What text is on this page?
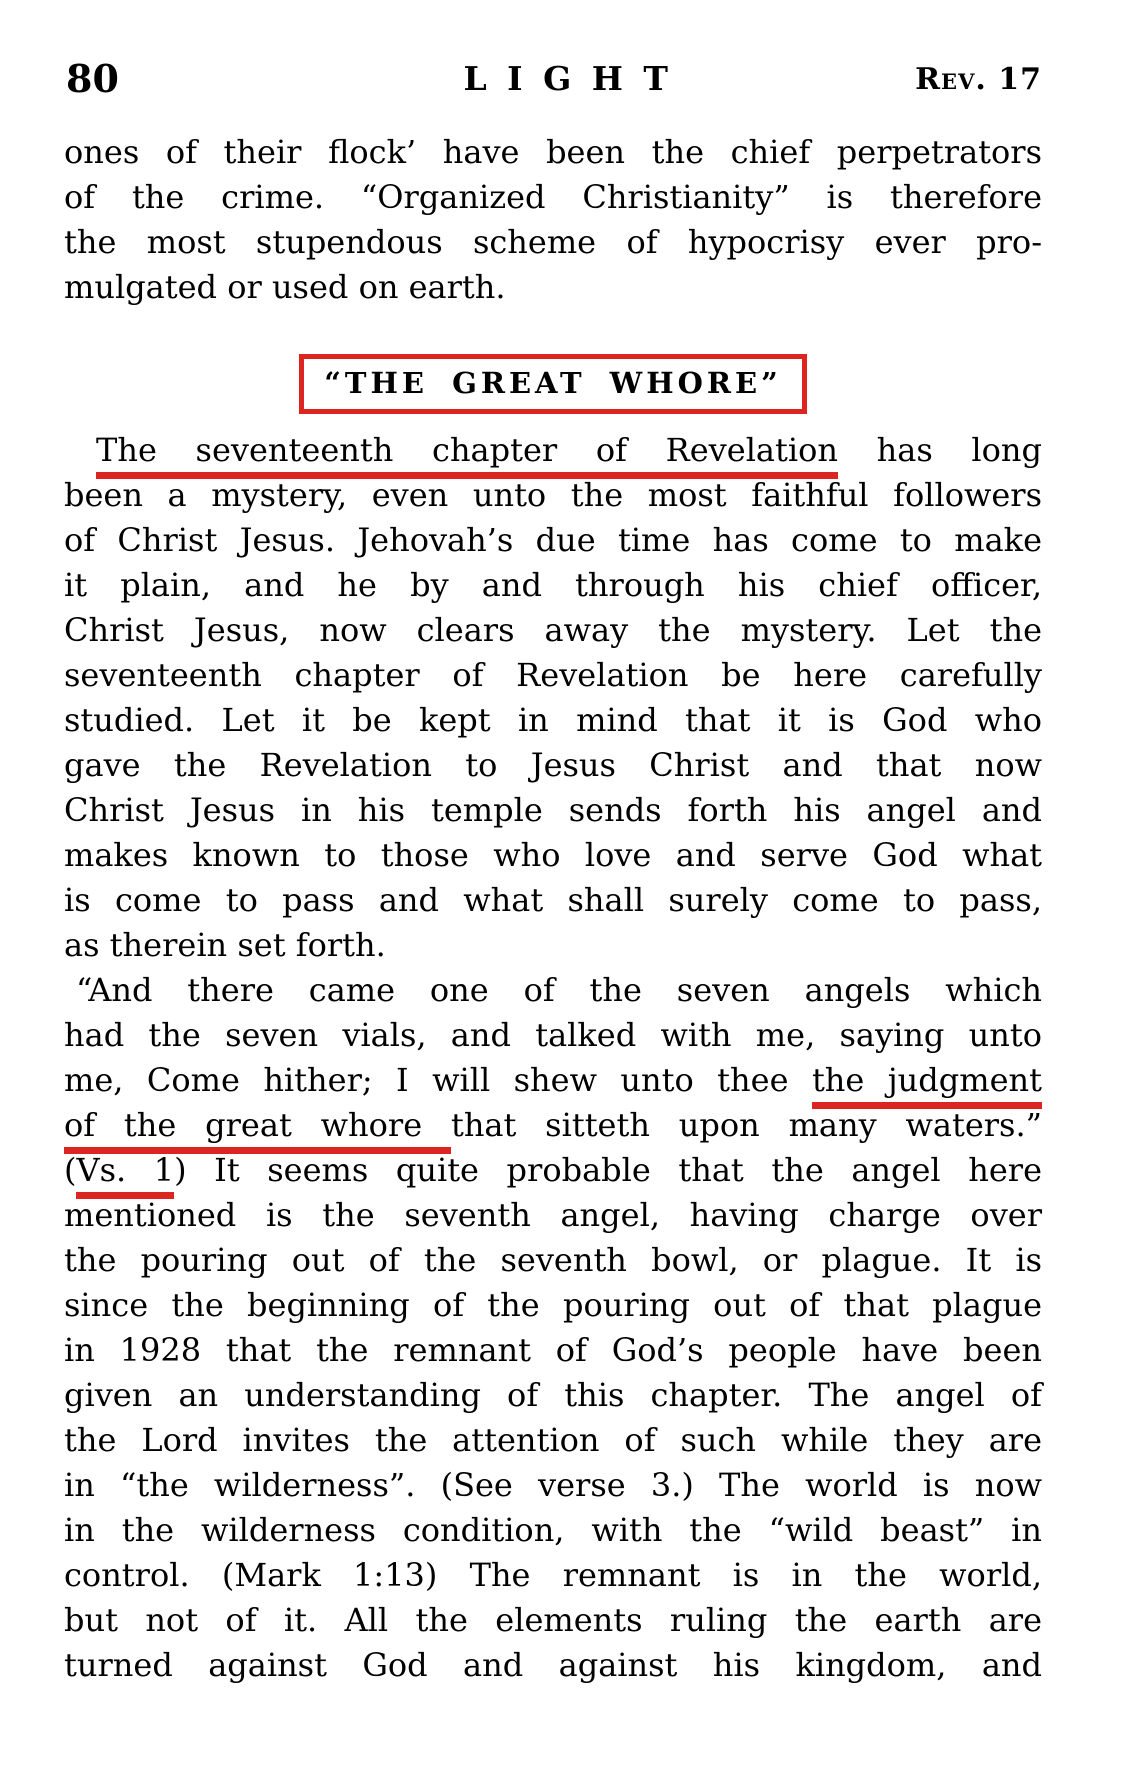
80	LIGHT	Rev. 17
ones of their flock’ have been the chief perpetrators
of the crime. “Organized Christianity” is therefore
the most stupendous scheme of hypocrisy ever pro-
mulgated or used on earth.
“THE GREAT WHORE”
The seventeenth chapter of Revelation has long
been a mystery, even unto the most faithful followers
of Christ Jesus. Jehovah’s due time has come to make
it plain, and he by and through his chief officer,
Christ Jesus, now clears away the mystery. Let the
seventeenth chapter of Revelation be here carefully
studied. Let it be kept in mind that it is God who
gave the Revelation to Jesus Christ and that now
Christ Jesus in his temple sends forth his angel and
makes known to those who love and serve God what
is come to pass and what shall surely come to pass,
as therein set forth.
“And there came one of the seven angels which
had the seven vials, and talked with me, saying unto
me, Come hither; I will shew unto thee the judgment
of the great whore that sitteth upon many waters.”
(Vs. 1) It seems quite probable that the angel here
mentioned is the seventh angel, having charge over
the pouring out of the seventh bowl, or plague. It is
since the beginning of the pouring out of that plague
in 1928 that the remnant of God’s people have been
given an understanding of this chapter. The angel of
the Lord invites the attention of such while they are
in “the wilderness”. (See verse 3.) The world is now
in the wilderness condition, with the “wild beast” in
control. (Mark 1:13) The remnant is in the world,
but not of it. All the elements ruling the earth are
turned against God and against his kingdom, and
